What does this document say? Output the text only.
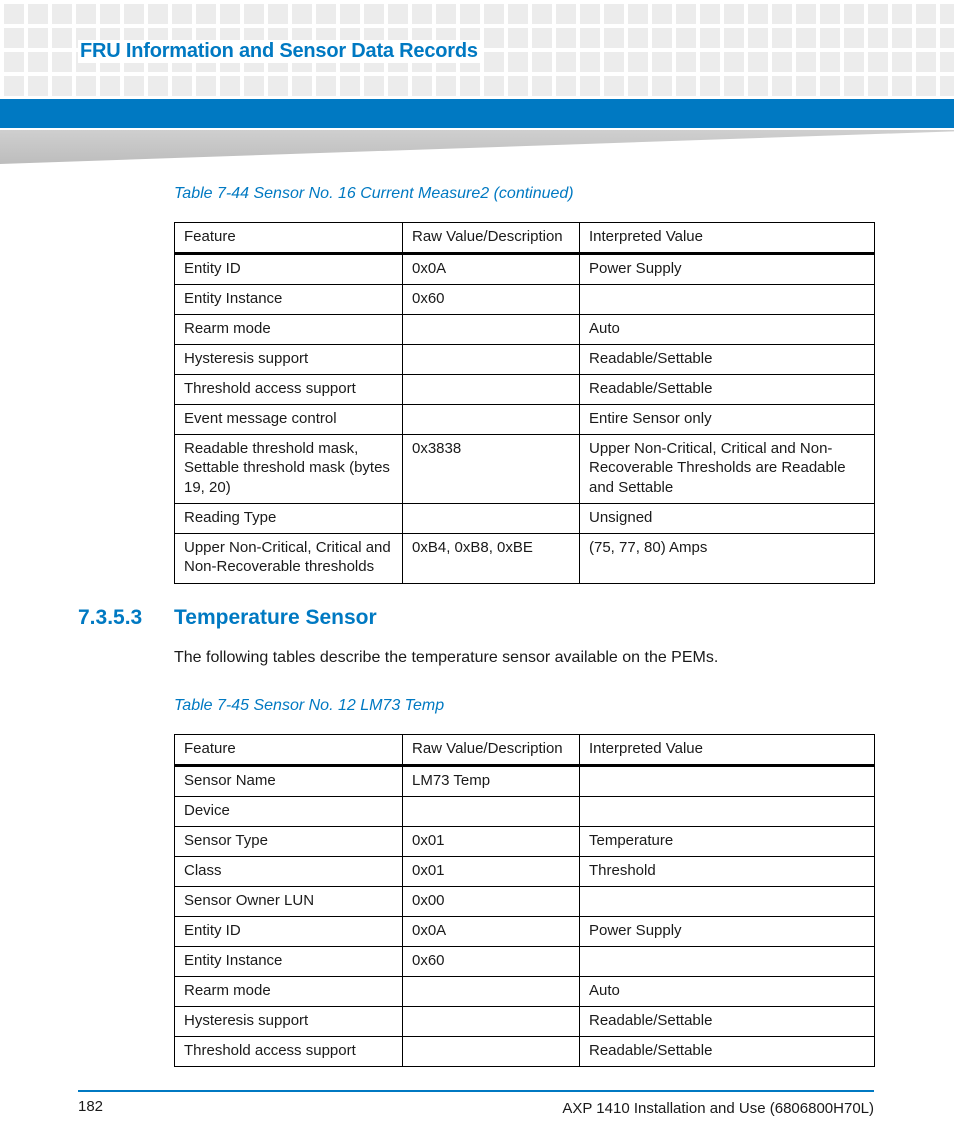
FRU Information and Sensor Data Records

Table 7-44 Sensor No. 16 Current Measure2 (continued)

Feature	Raw Value/Description	Interpreted Value
Entity ID	0x0A	Power Supply
Entity Instance	0x60	
Rearm mode		Auto
Hysteresis support		Readable/Settable
Threshold access support		Readable/Settable
Event message control		Entire Sensor only
Readable threshold mask, Settable threshold mask (bytes 19, 20)	0x3838	Upper Non-Critical, Critical and Non-Recoverable Thresholds are Readable and Settable
Reading Type		Unsigned
Upper Non-Critical, Critical and Non-Recoverable thresholds	0xB4, 0xB8, 0xBE	(75, 77, 80) Amps
7.3.5.3 Temperature Sensor

The following tables describe the temperature sensor available on the PEMs.

Table 7-45 Sensor No. 12 LM73 Temp

Feature	Raw Value/Description	Interpreted Value
Sensor Name	LM73 Temp	
Device		
Sensor Type	0x01	Temperature
Class	0x01	Threshold
Sensor Owner LUN	0x00	
Entity ID	0x0A	Power Supply
Entity Instance	0x60	
Rearm mode		Auto
Hysteresis support		Readable/Settable
Threshold access support		Readable/Settable
182	AXP 1410 Installation and Use (6806800H70L)
